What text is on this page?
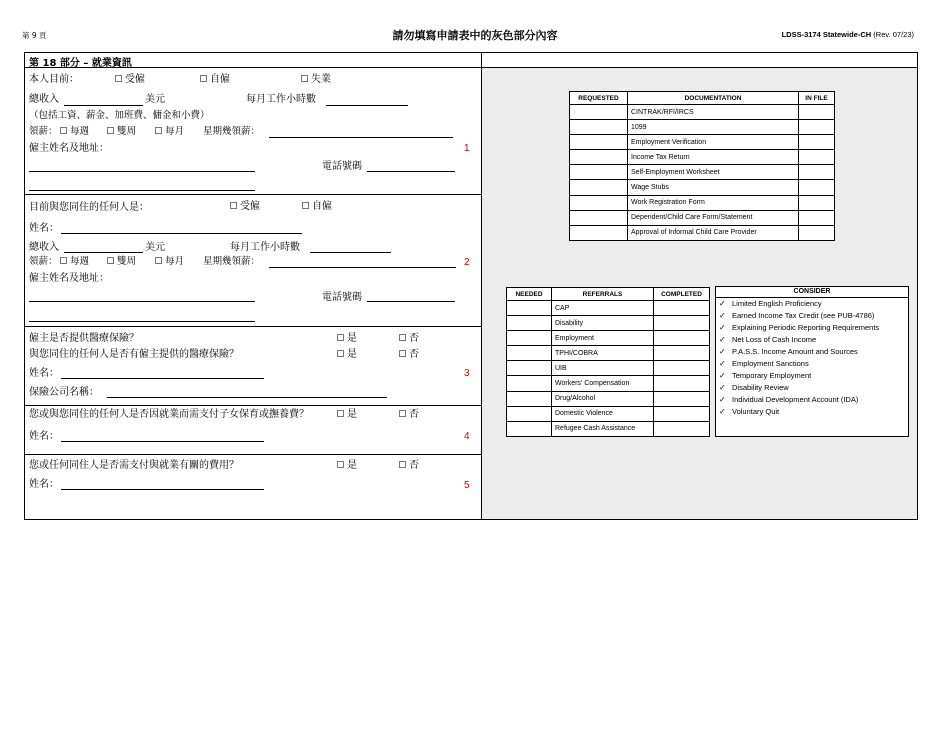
第 9 頁	請勿填寫申請表中的灰色部分內容	LDSS-3174 Statewide-CH (Rev. 07/23)
第 18 部分 – 就業資訊
本人目前：	受僱	自僱	失業
總收入	美元	每月工作小時數
（包括工資、薪金、加班費、傭金和小費）
領薪：	每週	雙周	每月 星期幾領薪：
僱主姓名及地址：	1
電話號碼
目前與您同住的任何人是：	受僱	自僱
姓名：
總收入	美元	每月工作小時數
領薪：	每週	雙周	每月 星期幾領薪：	2
僱主姓名及地址：
電話號碼
僱主是否提供醫療保險？	是	否
與您同住的任何人是否有僱主提供的醫療保險？	是	否
姓名：	3
保險公司名稱：
您或與您同住的任何人是否因就業而需支付子女保育或撫養費？	是	否
姓名：	4
您或任何同住人是否需支付與就業有關的費用？	是	否
姓名：	5
REQUESTED	DOCUMENTATION	IN FILE
	CINTRAK/RFI/IRCS	
	1099	
	Employment Verification	
	Income Tax Return	
	Self-Employment Worksheet	
	Wage Stubs	
	Work Registration Form	
	Dependent/Child Care Form/Statement	
	Approval of Informal Child Care Provider	
NEEDED	REFERRALS	COMPLETED
	CAP	
	Disability	
	Employment	
	TPHI/COBRA	
	UIB	
	Workers' Compensation	
	Drug/Alcohol	
	Domestic Violence	
	Refugee Cash Assistance	
CONSIDER
✓ Limited English Proficiency
✓ Earned Income Tax Credit (see PUB-4786)
✓ Explaining Periodic Reporting Requirements
✓ Net Loss of Cash Income
✓ P.A.S.S. Income Amount and Sources
✓ Employment Sanctions
✓ Temporary Employment
✓ Disability Review
✓ Individual Development Account (IDA)
✓ Voluntary Quit
